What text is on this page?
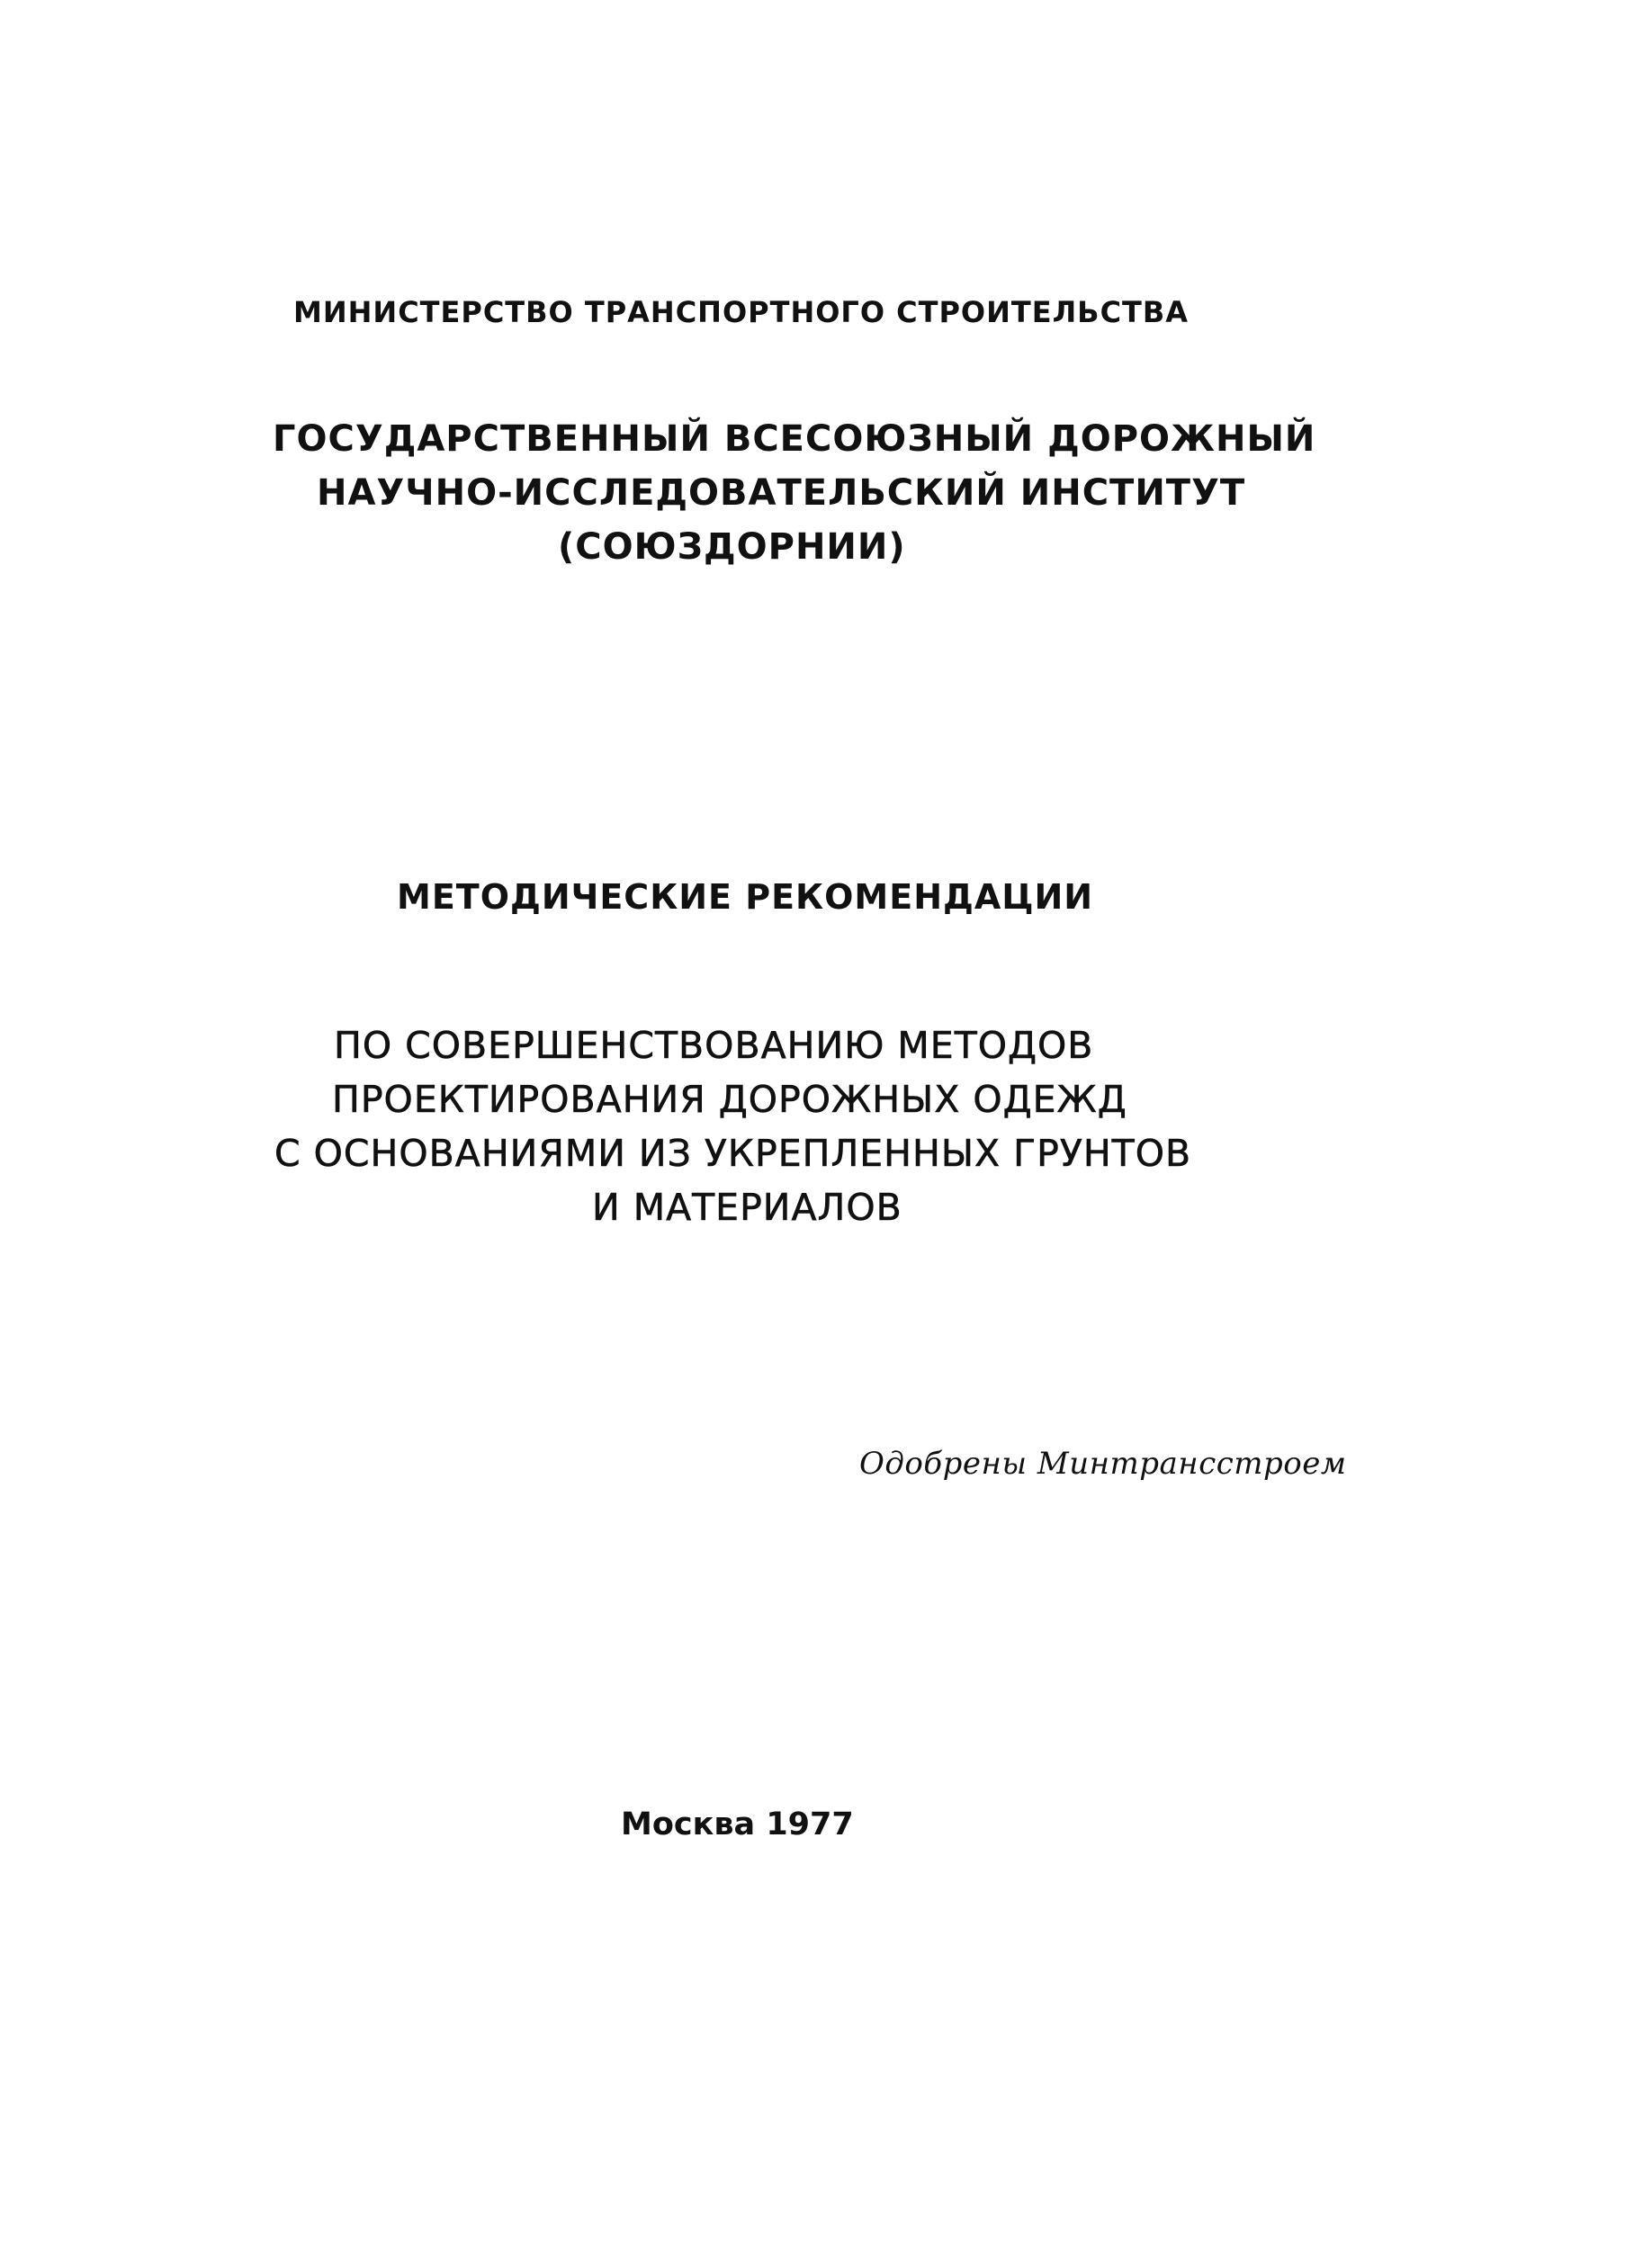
МИНИСТЕРСТВО ТРАНСПОРТНОГО СТРОИТЕЛЬСТВА
ГОСУДАРСТВЕННЫЙ ВСЕСОЮЗНЫЙ ДОРОЖНЫЙ
НАУЧНО-ИССЛЕДОВАТЕЛЬСКИЙ ИНСТИТУТ
(СОЮЗДОРНИИ)
МЕТОДИЧЕСКИЕ РЕКОМЕНДАЦИИ
ПО СОВЕРШЕНСТВОВАНИЮ МЕТОДОВ
ПРОЕКТИРОВАНИЯ ДОРОЖНЫХ ОДЕЖД
С ОСНОВАНИЯМИ ИЗ УКРЕПЛЕННЫХ ГРУНТОВ
И МАТЕРИАЛОВ
Одобрены Минтрансстроем
Москва 1977
